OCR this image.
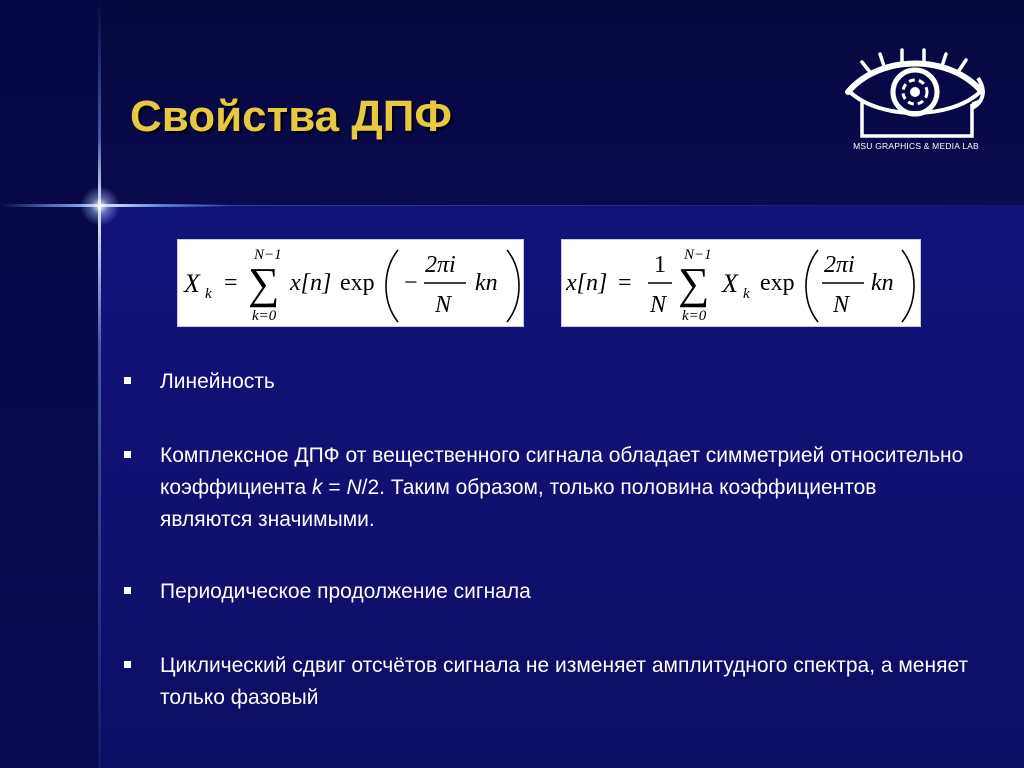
Свойства ДПФ
MSU GRAPHICS & MEDIA LAB
X k =
N−1
∑
k=0
x[n] exp −
2πi
N
kn	x[n] =
1
N
N−1
∑
k=0
X k exp
2πi
N
kn
Линейность
Комплексное ДПФ от вещественного сигнала обладает симметрией относительно коэффициента k = N/2. Таким образом, только половина коэффициентов являются значимыми.
Периодическое продолжение сигнала
Циклический сдвиг отсчётов сигнала не изменяет амплитудного спектра, а меняет только фазовый
